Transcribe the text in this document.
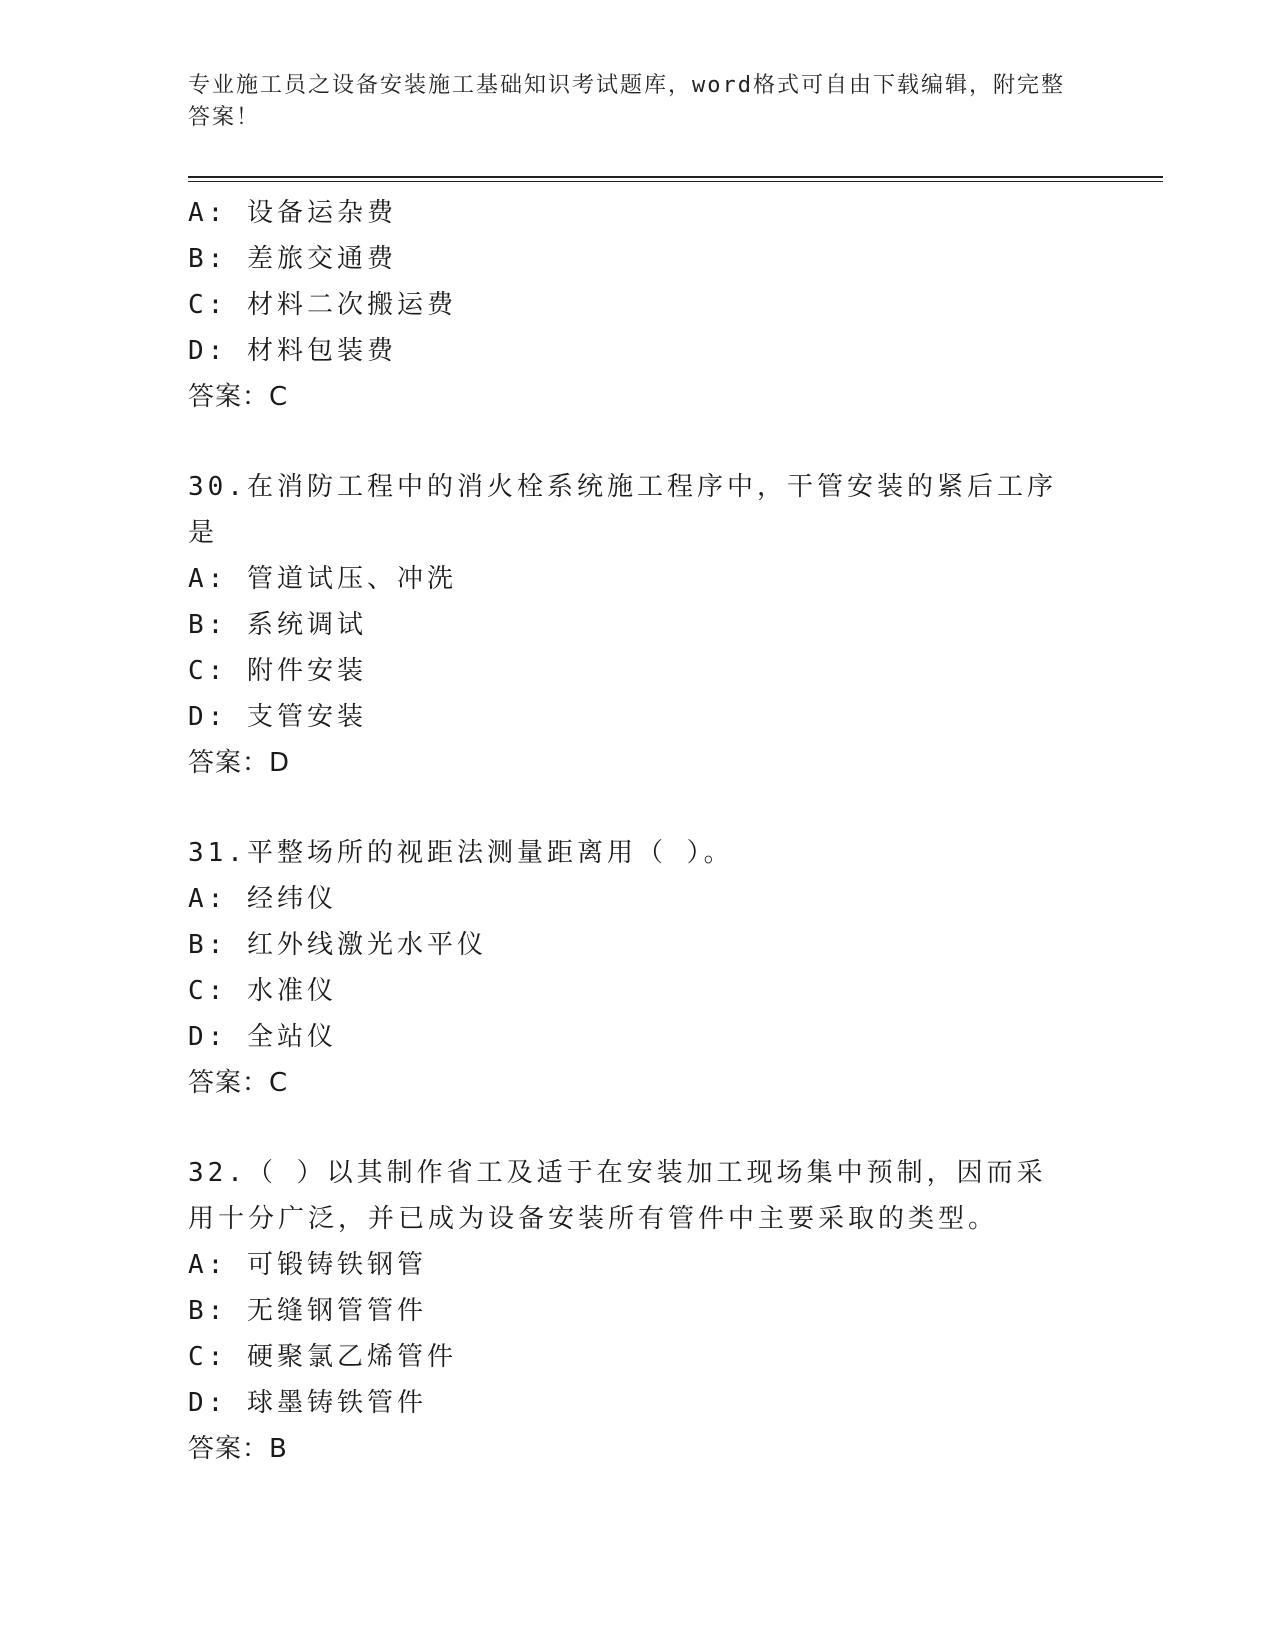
专业施工员之设备安装施工基础知识考试题库，word格式可自由下载编辑，附完整答案！
A: 设备运杂费
B: 差旅交通费
C: 材料二次搬运费
D: 材料包装费
答案：C
30.在消防工程中的消火栓系统施工程序中，干管安装的紧后工序是
A: 管道试压、冲洗
B: 系统调试
C: 附件安装
D: 支管安装
答案：D
31.平整场所的视距法测量距离用（ ）。
A: 经纬仪
B: 红外线激光水平仪
C: 水准仪
D: 全站仪
答案：C
32.（ ）以其制作省工及适于在安装加工现场集中预制，因而采用十分广泛，并已成为设备安装所有管件中主要采取的类型。
A: 可锻铸铁钢管
B: 无缝钢管管件
C: 硬聚氯乙烯管件
D: 球墨铸铁管件
答案：B
